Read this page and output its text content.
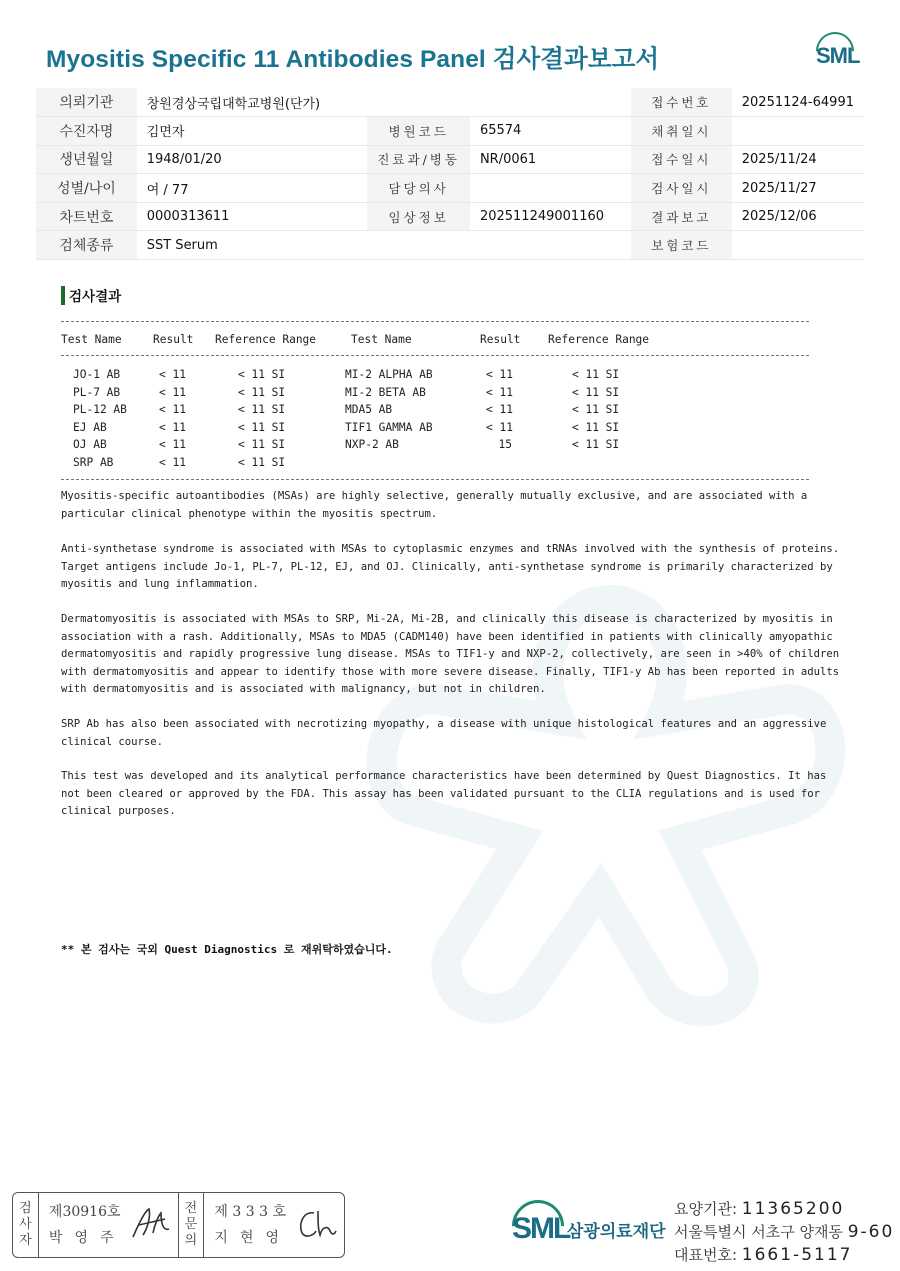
Myositis Specific 11 Antibodies Panel 검사결과보고서	SML
의뢰기관	창원경상국립대학교병원(단가)			접수번호	20251124-64991
수진자명	김면자	병원코드	65574	채취일시	
생년월일	1948/01/20	진료과/병동	NR/0061	접수일시	2025/11/24
성별/나이	여 / 77	담당의사		검사일시	2025/11/27
차트번호	0000313611	임상정보	202511249001160	결과보고	2025/12/06
검체종류	SST Serum			보험코드	
검사결과
Test Name	Result Reference Range	Test Name	Result Reference Range
JO-1 AB	< 11	< 11 SI
PL-7 AB	< 11	< 11 SI
PL-12 AB	< 11	< 11 SI
EJ AB	< 11	< 11 SI
OJ AB	< 11	< 11 SI
SRP AB	< 11	< 11 SI
MI-2 ALPHA AB	< 11	< 11 SI
MI-2 BETA AB	< 11	< 11 SI
MDA5 AB	< 11	< 11 SI
TIF1 GAMMA AB	< 11	< 11 SI
NXP-2 AB	15	< 11 SI
Myositis-specific autoantibodies (MSAs) are highly selective, generally mutually exclusive, and are associated with a
particular clinical phenotype within the myositis spectrum.
Anti-synthetase syndrome is associated with MSAs to cytoplasmic enzymes and tRNAs involved with the synthesis of proteins.
Target antigens include Jo-1, PL-7, PL-12, EJ, and OJ. Clinically, anti-synthetase syndrome is primarily characterized by
myositis and lung inflammation.
Dermatomyositis is associated with MSAs to SRP, Mi-2A, Mi-2B, and clinically this disease is characterized by myositis in
association with a rash. Additionally, MSAs to MDA5 (CADM140) have been identified in patients with clinically amyopathic
dermatomyositis and rapidly progressive lung disease. MSAs to TIF1-y and NXP-2, collectively, are seen in >40% of children
with dermatomyositis and appear to identify those with more severe disease. Finally, TIF1-y Ab has been reported in adults
with dermatomyositis and is associated with malignancy, but not in children.
SRP Ab has also been associated with necrotizing myopathy, a disease with unique histological features and an aggressive
clinical course.
This test was developed and its analytical performance characteristics have been determined by Quest Diagnostics. It has
not been cleared or approved by the FDA. This assay has been validated pursuant to the CLIA regulations and is used for
clinical purposes.
** 본 검사는 국외 Quest Diagnostics 로 재위탁하였습니다.
검
사
자
제30916호
박영주
전
문
의
제 3 3 3 호
지현영	SML
삼광의료재단
요양기관: 11365200
서울특별시 서초구 양재동 9-60
대표번호: 1661-5117
